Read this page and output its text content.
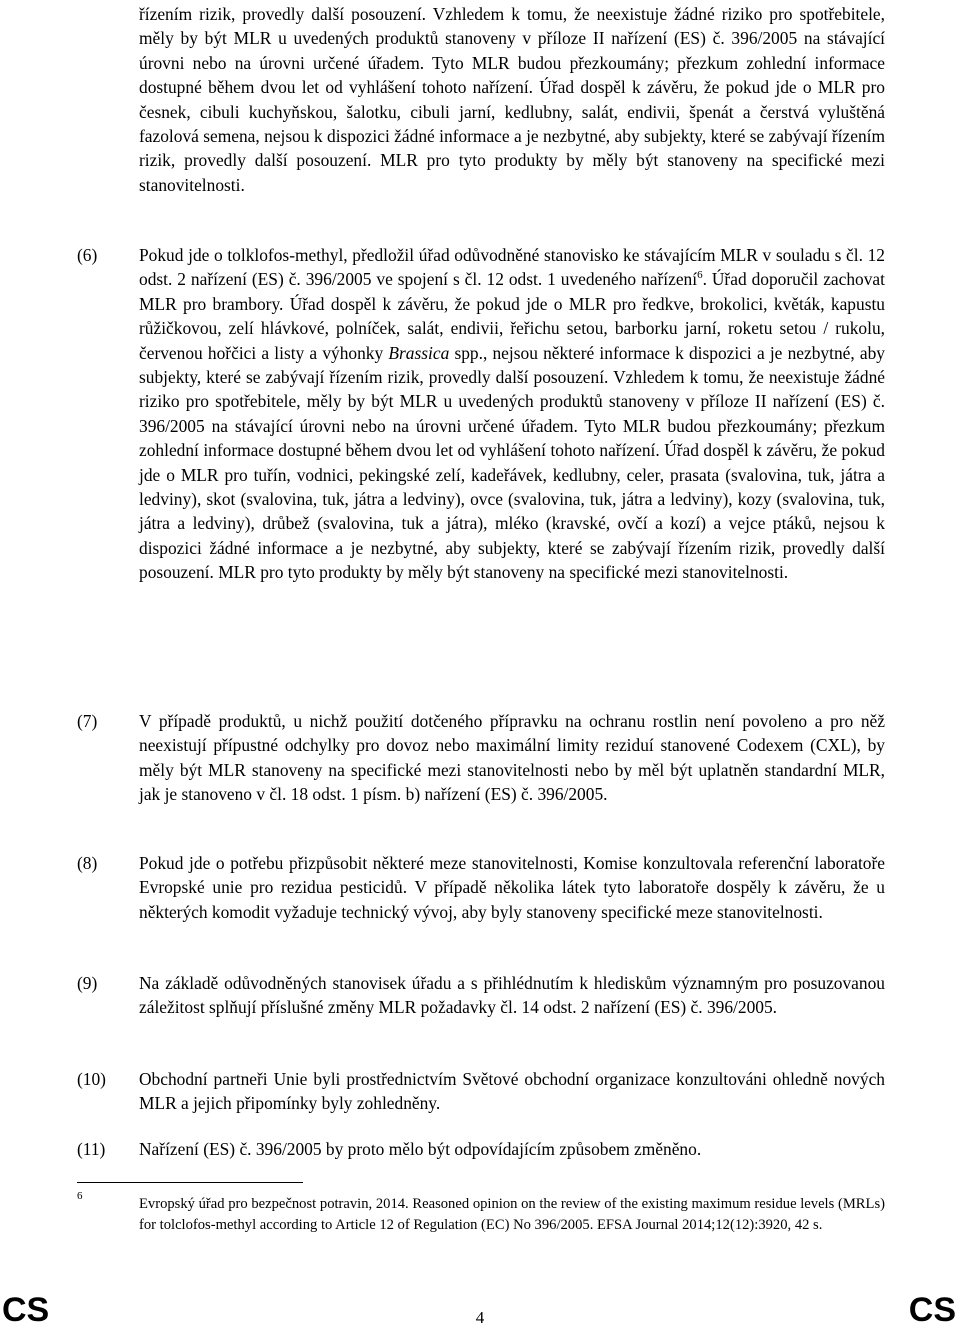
řízením rizik, provedly další posouzení. Vzhledem k tomu, že neexistuje žádné riziko pro spotřebitele, měly by být MLR u uvedených produktů stanoveny v příloze II nařízení (ES) č. 396/2005 na stávající úrovni nebo na úrovni určené úřadem. Tyto MLR budou přezkoumány; přezkum zohlední informace dostupné během dvou let od vyhlášení tohoto nařízení. Úřad dospěl k závěru, že pokud jde o MLR pro česnek, cibuli kuchyňskou, šalotku, cibuli jarní, kedlubny, salát, endivii, špenát a čerstvá vyluštěná fazolová semena, nejsou k dispozici žádné informace a je nezbytné, aby subjekty, které se zabývají řízením rizik, provedly další posouzení. MLR pro tyto produkty by měly být stanoveny na specifické mezi stanovitelnosti.
(6) Pokud jde o tolklofos-methyl, předložil úřad odůvodněné stanovisko ke stávajícím MLR v souladu s čl. 12 odst. 2 nařízení (ES) č. 396/2005 ve spojení s čl. 12 odst. 1 uvedeného nařízení$^6$. Úřad doporučil zachovat MLR pro brambory. Úřad dospěl k závěru, že pokud jde o MLR pro ředkve, brokolici, květák, kapustu růžičkovou, zelí hlávkové, polníček, salát, endivii, řeřichu setou, barborku jarní, roketu setou / rukolu, červenou hořčici a listy a výhonky Brassica spp., nejsou některé informace k dispozici a je nezbytné, aby subjekty, které se zabývají řízením rizik, provedly další posouzení. Vzhledem k tomu, že neexistuje žádné riziko pro spotřebitele, měly by být MLR u uvedených produktů stanoveny v příloze II nařízení (ES) č. 396/2005 na stávající úrovni nebo na úrovni určené úřadem. Tyto MLR budou přezkoumány; přezkum zohlední informace dostupné během dvou let od vyhlášení tohoto nařízení. Úřad dospěl k závěru, že pokud jde o MLR pro tuřín, vodnici, pekingské zelí, kadeřávek, kedlubny, celer, prasata (svalovina, tuk, játra a ledviny), skot (svalovina, tuk, játra a ledviny), ovce (svalovina, tuk, játra a ledviny), kozy (svalovina, tuk, játra a ledviny), drůbež (svalovina, tuk a játra), mléko (kravské, ovčí a kozí) a vejce ptáků, nejsou k dispozici žádné informace a je nezbytné, aby subjekty, které se zabývají řízením rizik, provedly další posouzení. MLR pro tyto produkty by měly být stanoveny na specifické mezi stanovitelnosti.
(7) V případě produktů, u nichž použití dotčeného přípravku na ochranu rostlin není povoleno a pro něž neexistují přípustné odchylky pro dovoz nebo maximální limity reziduí stanovené Codexem (CXL), by měly být MLR stanoveny na specifické mezi stanovitelnosti nebo by měl být uplatněn standardní MLR, jak je stanoveno v čl. 18 odst. 1 písm. b) nařízení (ES) č. 396/2005.
(8) Pokud jde o potřebu přizpůsobit některé meze stanovitelnosti, Komise konzultovala referenční laboratoře Evropské unie pro rezidua pesticidů. V případě několika látek tyto laboratoře dospěly k závěru, že u některých komodit vyžaduje technický vývoj, aby byly stanoveny specifické meze stanovitelnosti.
(9) Na základě odůvodněných stanovisek úřadu a s přihlédnutím k hlediskům významným pro posuzovanou záležitost splňují příslušné změny MLR požadavky čl. 14 odst. 2 nařízení (ES) č. 396/2005.
(10) Obchodní partneři Unie byli prostřednictvím Světové obchodní organizace konzultováni ohledně nových MLR a jejich připomínky byly zohledněny.
(11) Nařízení (ES) č. 396/2005 by proto mělo být odpovídajícím způsobem změněno.
6	Evropský úřad pro bezpečnost potravin, 2014. Reasoned opinion on the review of the existing maximum residue levels (MRLs) for tolclofos-methyl according to Article 12 of Regulation (EC) No 396/2005. EFSA Journal 2014;12(12):3920, 42 s.
CS	4	CS
